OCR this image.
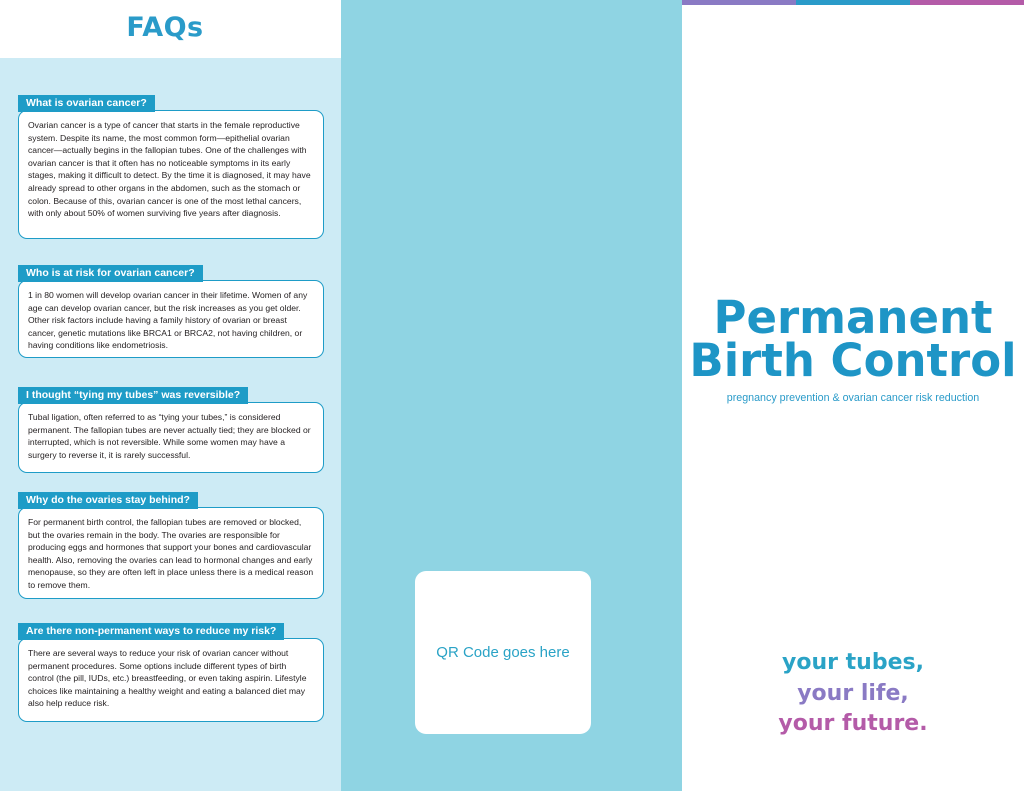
FAQs
What is ovarian cancer?
Ovarian cancer is a type of cancer that starts in the female reproductive system. Despite its name, the most common form—epithelial ovarian cancer—actually begins in the fallopian tubes. One of the challenges with ovarian cancer is that it often has no noticeable symptoms in its early stages, making it difficult to detect. By the time it is diagnosed, it may have already spread to other organs in the abdomen, such as the stomach or colon. Because of this, ovarian cancer is one of the most lethal cancers, with only about 50% of women surviving five years after diagnosis.
Who is at risk for ovarian cancer?
1 in 80 women will develop ovarian cancer in their lifetime. Women of any age can develop ovarian cancer, but the risk increases as you get older. Other risk factors include having a family history of ovarian or breast cancer, genetic mutations like BRCA1 or BRCA2, not having children, or having conditions like endometriosis.
I thought “tying my tubes” was reversible?
Tubal ligation, often referred to as “tying your tubes,” is considered permanent. The fallopian tubes are never actually tied; they are blocked or interrupted, which is not reversible. While some women may have a surgery to reverse it, it is rarely successful.
Why do the ovaries stay behind?
For permanent birth control, the fallopian tubes are removed or blocked, but the ovaries remain in the body. The ovaries are responsible for producing eggs and hormones that support your bones and cardiovascular health. Also, removing the ovaries can lead to hormonal changes and early menopause, so they are often left in place unless there is a medical reason to remove them.
Are there non-permanent ways to reduce my risk?
There are several ways to reduce your risk of ovarian cancer without permanent procedures. Some options include different types of birth control (the pill, IUDs, etc.) breastfeeding, or even taking aspirin. Lifestyle choices like maintaining a healthy weight and eating a balanced diet may also help reduce risk.
QR Code goes here
Permanent
Birth Control
pregnancy prevention & ovarian cancer risk reduction
your tubes,
your life,
your future.
